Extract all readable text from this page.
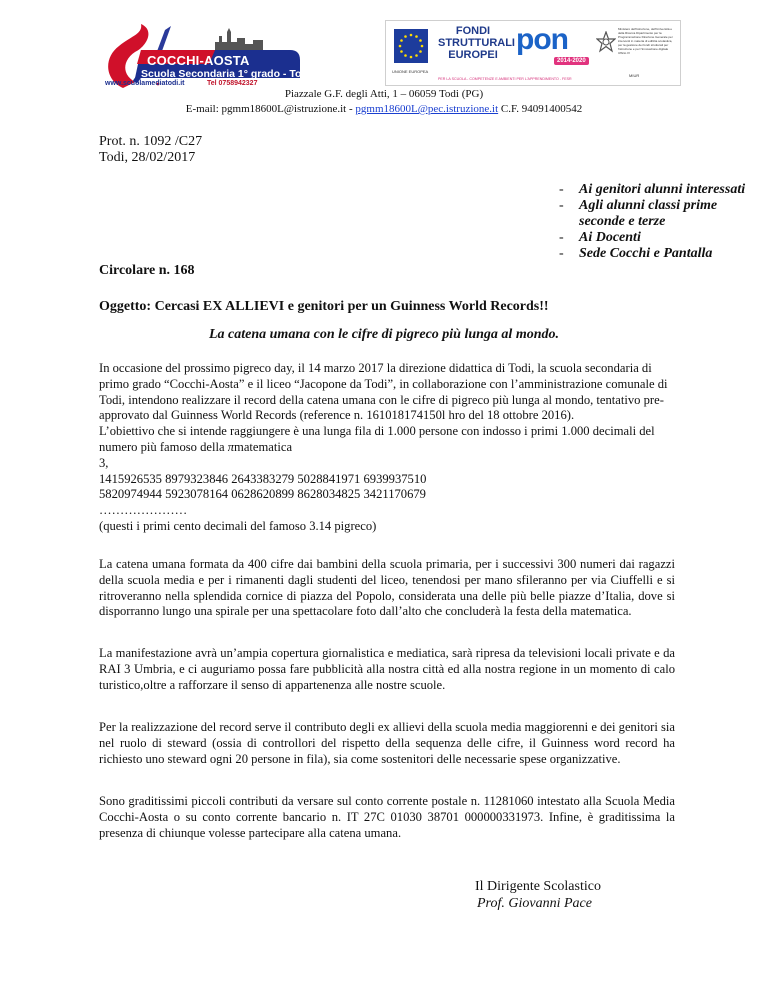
COCCHI-AOSTA
Scuola Secondaria 1° grado - Todi
www.scuolamediatodi.it	Tel 0758942327
UNIONE EUROPEA
FONDI STRUTTURALI EUROPEI pon
2014-2020
PER LA SCUOLA - COMPETENZE E AMBIENTI PER L'APPRENDIMENTO - FESR
Ministero dell'Istruzione, dell'Università e della Ricerca Dipartimento per la Programmazione Direzione Generale per interventi in materia di edilizia scolastica, per la gestione dei fondi strutturali per l'istruzione e per l'innovazione digitale Ufficio IV
MIUR
Piazzale G.F. degli Atti, 1 – 06059 Todi (PG)
E-mail: pgmm18600L@istruzione.it - pgmm18600L@pec.istruzione.it C.F. 94091400542
Prot. n. 1092 /C27
Todi, 28/02/2017
- Ai genitori alunni interessati
- Agli alunni classi prime seconde e terze
- Ai Docenti
- Sede Cocchi e Pantalla
Circolare n. 168
Oggetto: Cercasi EX ALLIEVI e genitori per un Guinness World Records!!
La catena umana con le cifre di pigreco più lunga al mondo.

In occasione del prossimo pigreco day, il 14 marzo 2017 la direzione didattica di Todi, la scuola secondaria di primo grado “Cocchi-Aosta” e il liceo “Jacopone da Todi”, in collaborazione con l’amministrazione comunale di Todi, intendono realizzare il record della catena umana con le cifre di pigreco più lunga al mondo, tentativo pre-approvato dal Guinness World Records (reference n. 161018174150l hro del 18 ottobre 2016).

L’obiettivo che si intende raggiungere è una lunga fila di 1.000 persone con indosso i primi 1.000 decimali del numero più famoso della πmatematica

3,

1415926535 8979323846 2643383279 5028841971 6939937510

5820974944 5923078164 0628620899 8628034825 3421170679

…………………

(questi i primi cento decimali del famoso 3.14 pigreco)

La catena umana formata da 400 cifre dai bambini della scuola primaria, per i successivi 300 numeri dai ragazzi della scuola media e per i rimanenti dagli studenti del liceo, tenendosi per mano sfileranno per via Ciuffelli e si ritroveranno nella splendida cornice di piazza del Popolo, considerata una delle più belle piazze d’Italia, dove si disporranno lungo una spirale per una spettacolare foto dall’alto che concluderà la festa della matematica.
La manifestazione avrà un’ampia copertura giornalistica e mediatica, sarà ripresa da televisioni locali private e da RAI 3 Umbria, e ci auguriamo possa fare pubblicità alla nostra città ed alla nostra regione in un momento di calo turistico,oltre a rafforzare il senso di appartenenza alle nostre scuole.
Per la realizzazione del record serve il contributo degli ex allievi della scuola media maggiorenni e dei genitori sia nel ruolo di steward (ossia di controllori del rispetto della sequenza delle cifre, il Guinness word record ha richiesto uno steward ogni 20 persone in fila), sia come sostenitori delle necessarie spese organizzative.
Sono graditissimi piccoli contributi da versare sul conto corrente postale n. 11281060 intestato alla Scuola Media Cocchi-Aosta o su conto corrente bancario n. IT 27C 01030 38701 000000331973. Infine, è graditissima la presenza di chiunque volesse partecipare alla catena umana.
Il Dirigente Scolastico
Prof. Giovanni Pace
